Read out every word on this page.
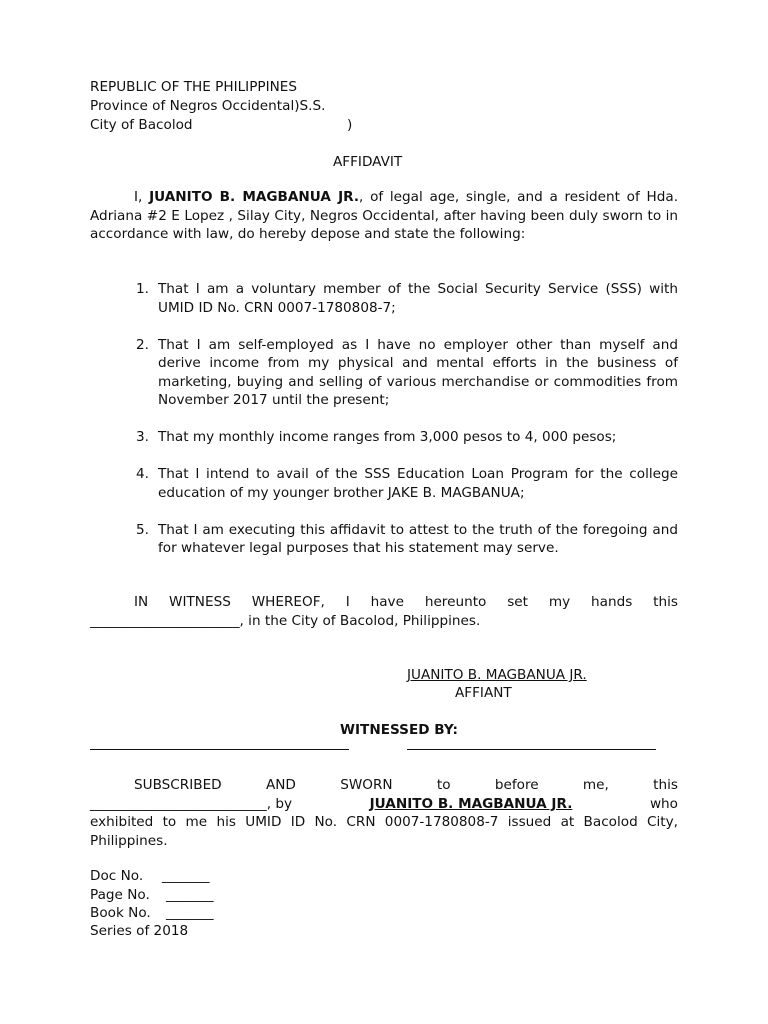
REPUBLIC OF THE PHILIPPINES
Province of Negros Occidental)S.S.
City of Bacolod	)
AFFIDAVIT
I, JUANITO B. MAGBANUA JR., of legal age, single, and a resident of Hda. Adriana #2 E Lopez , Silay City, Negros Occidental, after having been duly sworn to in accordance with law, do hereby depose and state the following:
1. That I am a voluntary member of the Social Security Service (SSS) with UMID ID No. CRN 0007-1780808-7;
2. That I am self-employed as I have no employer other than myself and derive income from my physical and mental efforts in the business of marketing, buying and selling of various merchandise or commodities from November 2017 until the present;
3. That my monthly income ranges from 3,000 pesos to 4, 000 pesos;
4. That I intend to avail of the SSS Education Loan Program for the college education of my younger brother JAKE B. MAGBANUA;
5. That I am executing this affidavit to attest to the truth of the foregoing and for whatever legal purposes that his statement may serve.
IN WITNESS WHEREOF, I have hereunto set my hands this
______________________, in the City of Bacolod, Philippines.
JUANITO B. MAGBANUA JR.
AFFIANT
WITNESSED BY:
SUBSCRIBED	AND	SWORN	to	before	me,	this
__________________________, by	JUANITO B. MAGBANUA JR.	who
exhibited to me his UMID ID No. CRN 0007-1780808-7 issued at Bacolod City, Philippines.
Doc No. _______
Page No. _______
Book No. _______
Series of 2018
